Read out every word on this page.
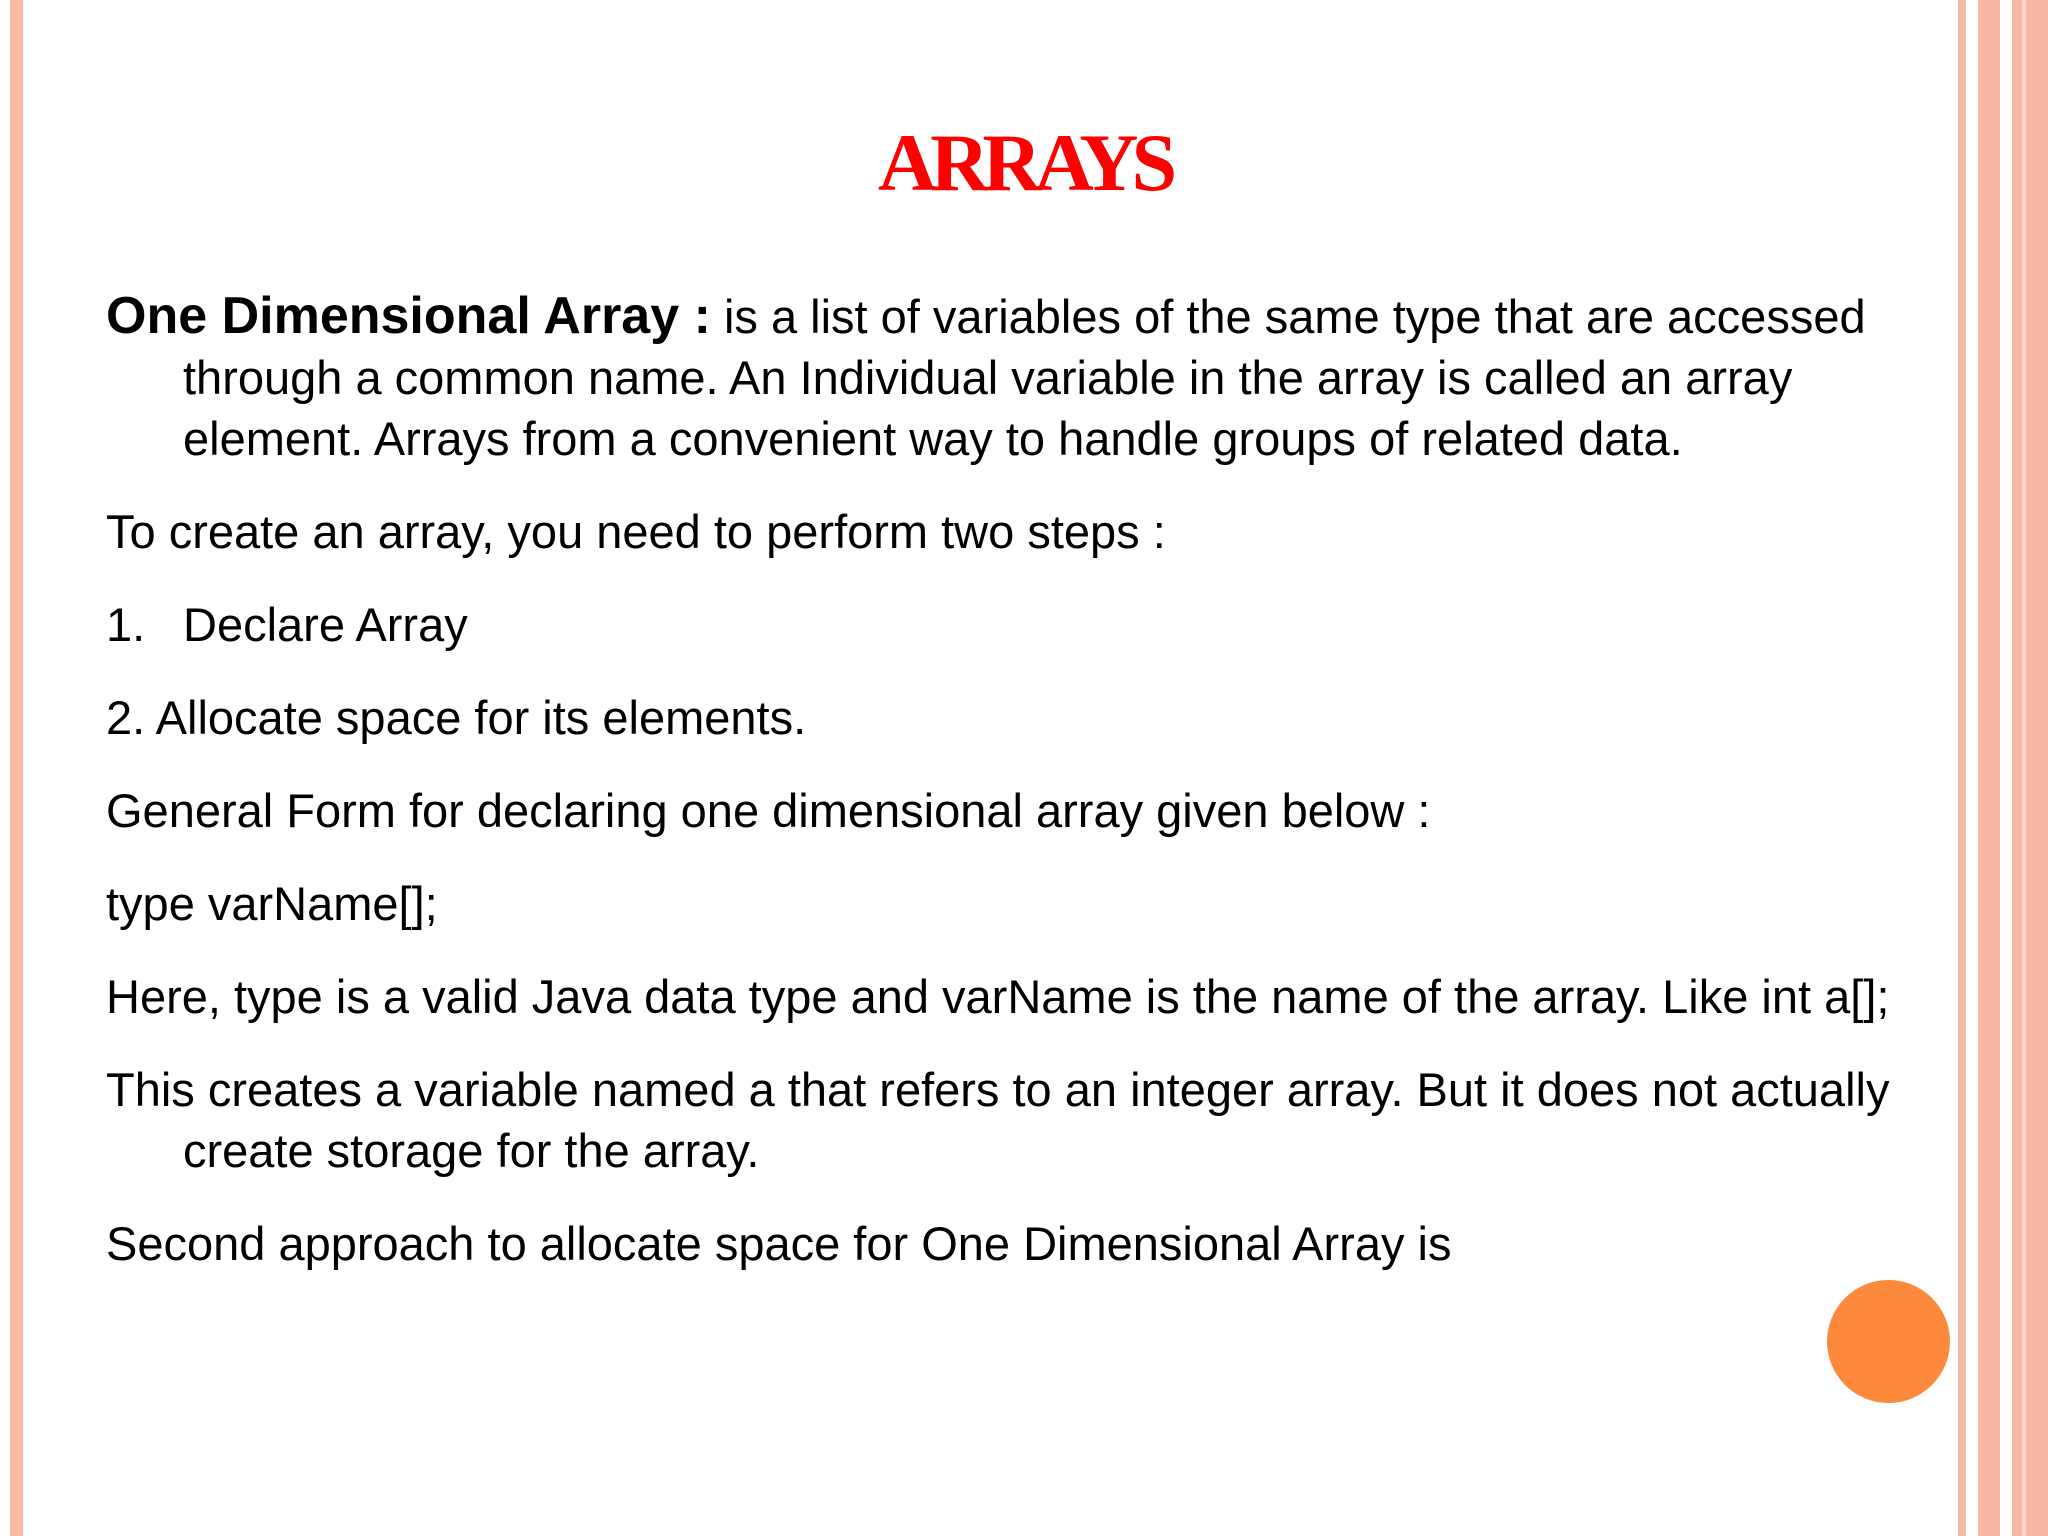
ARRAYS

One Dimensional Array : is a list of variables of the same type that are accessed through a common name. An Individual variable in the array is called an array element. Arrays from a convenient way to handle groups of related data.

To create an array, you need to perform two steps :

1. Declare Array

2. Allocate space for its elements.

General Form for declaring one dimensional array given below :

type varName[];

Here, type is a valid Java data type and varName is the name of the array. Like int a[];

This creates a variable named a that refers to an integer array. But it does not actually create storage for the array.

Second approach to allocate space for One Dimensional Array is
